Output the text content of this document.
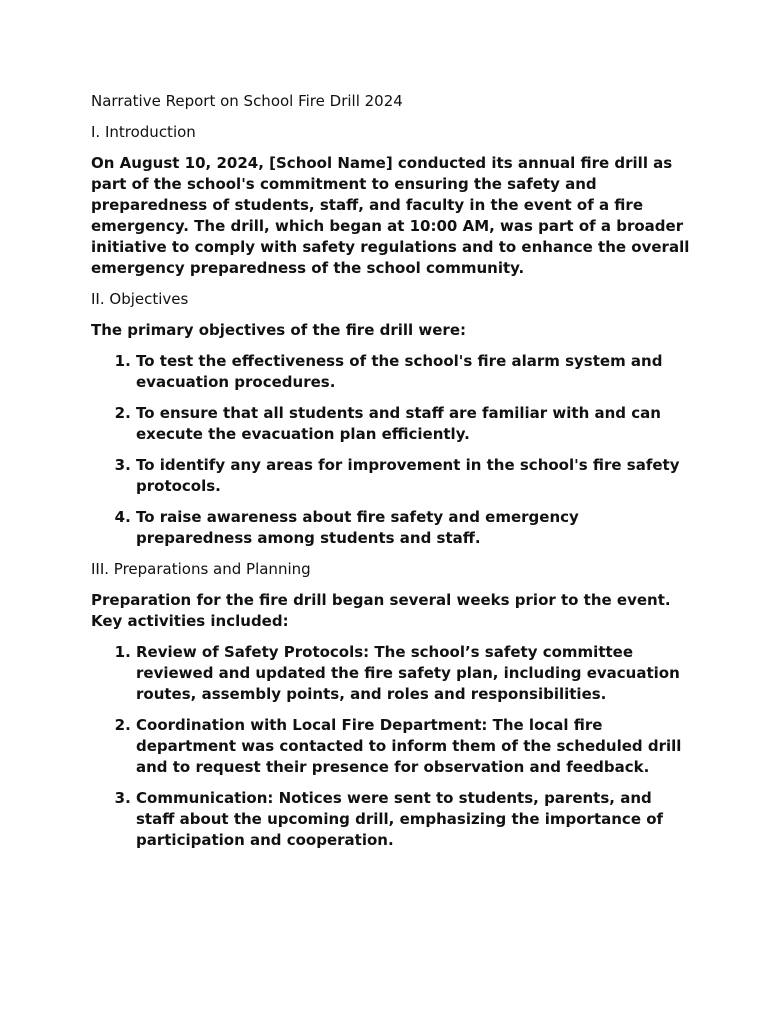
Narrative Report on School Fire Drill 2024

I. Introduction

On August 10, 2024, [School Name] conducted its annual fire drill as part of the school's commitment to ensuring the safety and preparedness of students, staff, and faculty in the event of a fire emergency. The drill, which began at 10:00 AM, was part of a broader initiative to comply with safety regulations and to enhance the overall emergency preparedness of the school community.

II. Objectives

The primary objectives of the fire drill were:

1. To test the effectiveness of the school's fire alarm system and evacuation procedures.
2. To ensure that all students and staff are familiar with and can execute the evacuation plan efficiently.
3. To identify any areas for improvement in the school's fire safety protocols.
4. To raise awareness about fire safety and emergency preparedness among students and staff.

III. Preparations and Planning

Preparation for the fire drill began several weeks prior to the event. Key activities included:

1. Review of Safety Protocols: The school’s safety committee reviewed and updated the fire safety plan, including evacuation routes, assembly points, and roles and responsibilities.
2. Coordination with Local Fire Department: The local fire department was contacted to inform them of the scheduled drill and to request their presence for observation and feedback.
3. Communication: Notices were sent to students, parents, and staff about the upcoming drill, emphasizing the importance of participation and cooperation.
